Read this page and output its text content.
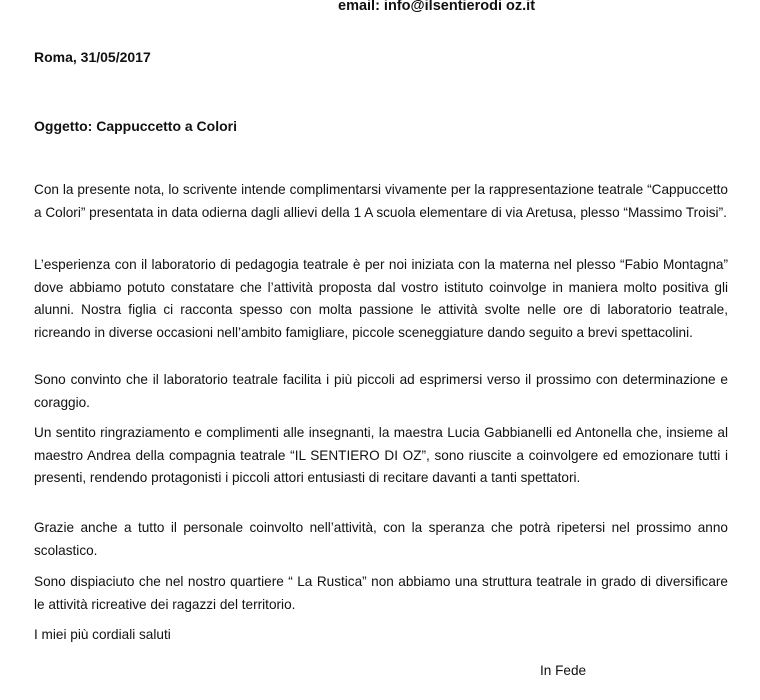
email: info@ilsentierodi oz.it
Roma, 31/05/2017
Oggetto: Cappuccetto a Colori

Con la presente nota, lo scrivente intende complimentarsi vivamente per la rappresentazione teatrale “Cappuccetto a Colori” presentata in data odierna dagli allievi della 1 A scuola elementare di via Aretusa, plesso “Massimo Troisi”.

L’esperienza con il laboratorio di pedagogia teatrale è per noi iniziata con la materna nel plesso “Fabio Montagna” dove abbiamo potuto constatare che l’attività proposta dal vostro istituto coinvolge in maniera molto positiva gli alunni. Nostra figlia ci racconta spesso con molta passione le attività svolte nelle ore di laboratorio teatrale, ricreando in diverse occasioni nell’ambito famigliare, piccole sceneggiature dando seguito a brevi spettacolini.

Sono convinto che il laboratorio teatrale facilita i più piccoli ad esprimersi verso il prossimo con determinazione e coraggio.

Un sentito ringraziamento e complimenti alle insegnanti, la maestra Lucia Gabbianelli ed Antonella che, insieme al maestro Andrea della compagnia teatrale “IL SENTIERO DI OZ”, sono riuscite a coinvolgere ed emozionare tutti i presenti, rendendo protagonisti i piccoli attori entusiasti di recitare davanti a tanti spettatori.

Grazie anche a tutto il personale coinvolto nell’attività, con la speranza che potrà ripetersi nel prossimo anno scolastico.

Sono dispiaciuto che nel nostro quartiere “ La Rustica” non abbiamo una struttura teatrale in grado di diversificare le attività ricreative dei ragazzi del territorio.

I miei più cordiali saluti
In Fede
